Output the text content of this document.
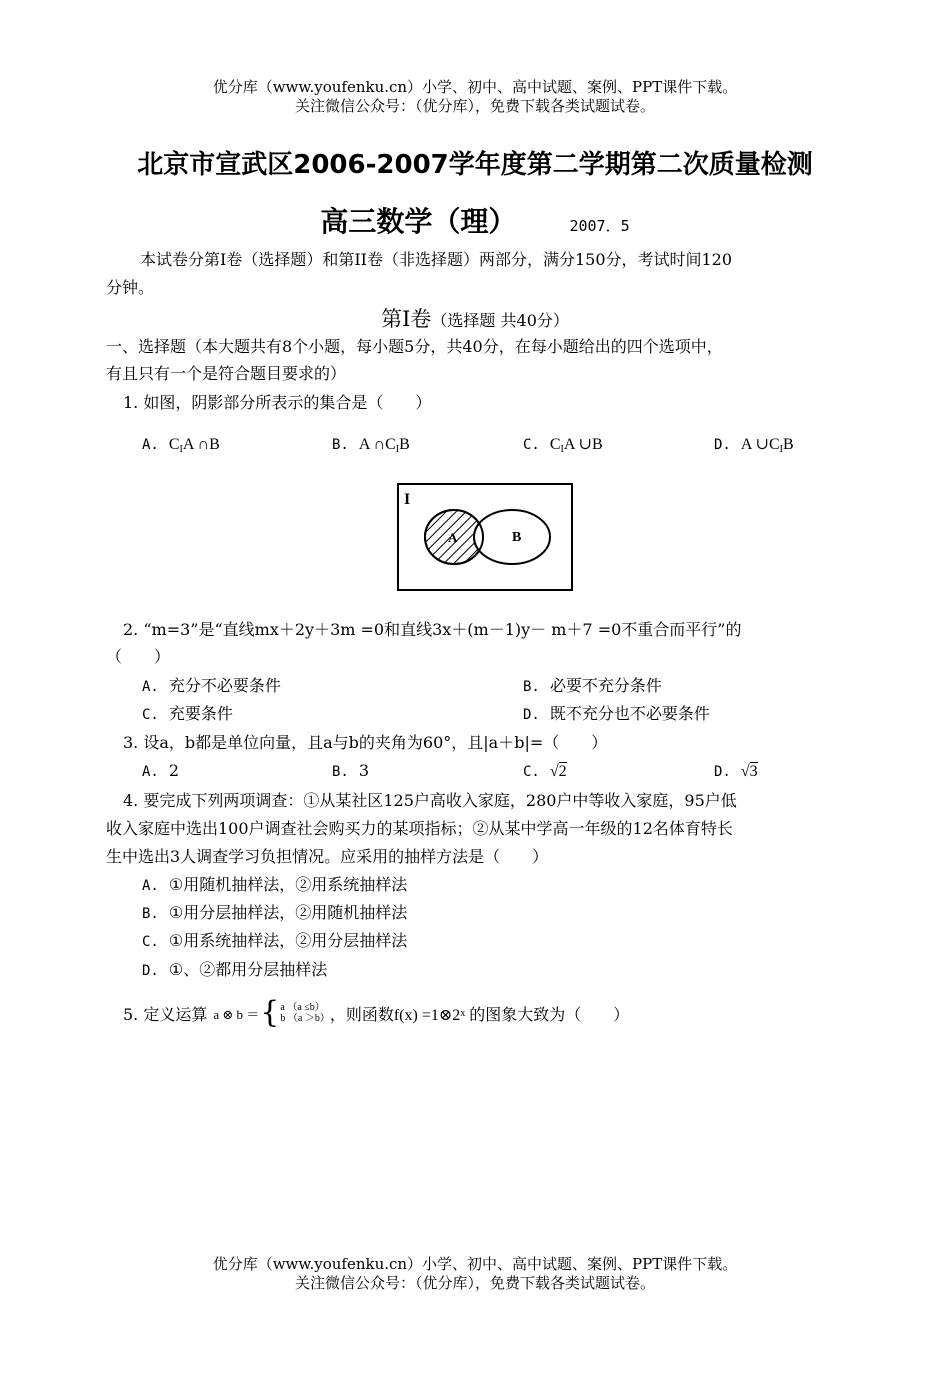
优分库（www.youfenku.cn）小学、初中、高中试题、案例、PPT课件下载。
关注微信公众号：（优分库），免费下载各类试题试卷。
北京市宣武区2006-2007学年度第二学期第二次质量检测
高三数学（理）	2007．5
本试卷分第I卷（选择题）和第II卷（非选择题）两部分，满分150分，考试时间120
分钟。
第I卷（选择题 共40分）
一、选择题（本大题共有8个小题，每小题5分，共40分，在每小题给出的四个选项中，
有且只有一个是符合题目要求的）
1. 如图，阴影部分所表示的集合是（　　）
A. $C_IA$ ∩B	B. A $\cap C_IB$	C. $C_IA$ ∪B	D. A $\cup C_IB$
I
A	B
2. “m=3”是“直线mx＋2y＋3m =0和直线3x＋(m－1)y－ m＋7 =0不重合而平行”的
（　　）
A. 充分不必要条件	B. 必要不充分条件
C. 充要条件	D. 既不充分也不必要条件
3. 设a，b都是单位向量，且a与b的夹角为60°，且|a＋b|=（　　）
A. 2	B. 3	C. √2	D. √3
4. 要完成下列两项调查：①从某社区125户高收入家庭，280户中等收入家庭，95户低
收入家庭中选出100户调查社会购买力的某项指标；②从某中学高一年级的12名体育特长
生中选出3人调查学习负担情况。应采用的抽样方法是（　　）
A. ①用随机抽样法，②用系统抽样法
B. ①用分层抽样法，②用随机抽样法
C. ①用系统抽样法，②用分层抽样法
D. ①、②都用分层抽样法
5. 定义运算 a ⊗ b ＝ { a （a ≤b）
b （a ＞b） ，则函数f(x) =1⊗2 x 的图象大致为（　　）
优分库（www.youfenku.cn）小学、初中、高中试题、案例、PPT课件下载。
关注微信公众号：（优分库），免费下载各类试题试卷。
